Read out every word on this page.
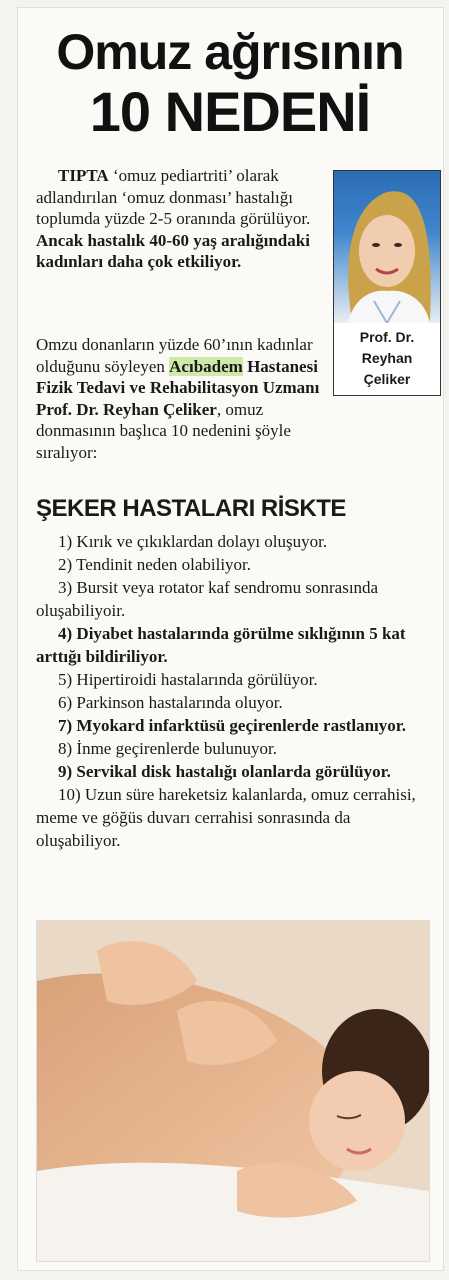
Omuz ağrısının
10 NEDENİ
TIPTA ‘omuz pediartriti’ olarak adlandırılan ‘omuz donması’ hastalığı toplumda yüzde 2-5 oranında görülüyor. Ancak hastalık 40-60 yaş aralığındaki kadınları daha çok etkiliyor.
Omzu donanların yüzde 60’ının kadınlar olduğunu söyleyen Acıbadem Hastanesi Fizik Tedavi ve Rehabilitasyon Uzmanı Prof. Dr. Reyhan Çeliker, omuz donmasının başlıca 10 nedenini şöyle sıralıyor:
Prof. Dr.
Reyhan
Çeliker
ŞEKER HASTALARI RİSKTE

1) Kırık ve çıkıklardan dolayı oluşuyor.

2) Tendinit neden olabiliyor.

3) Bursit veya rotator kaf sendromu sonrasında oluşabiliyoir.

4) Diyabet hastalarında görülme sıklığının 5 kat arttığı bildiriliyor.

5) Hipertiroidi hastalarında görülüyor.

6) Parkinson hastalarında oluyor.

7) Myokard infarktüsü geçirenlerde rastlanıyor.

8) İnme geçirenlerde bulunuyor.

9) Servikal disk hastalığı olanlarda görülüyor.

10) Uzun süre hareketsiz kalanlarda, omuz cerrahisi, meme ve göğüs duvarı cerrahisi sonrasında da oluşabiliyor.
